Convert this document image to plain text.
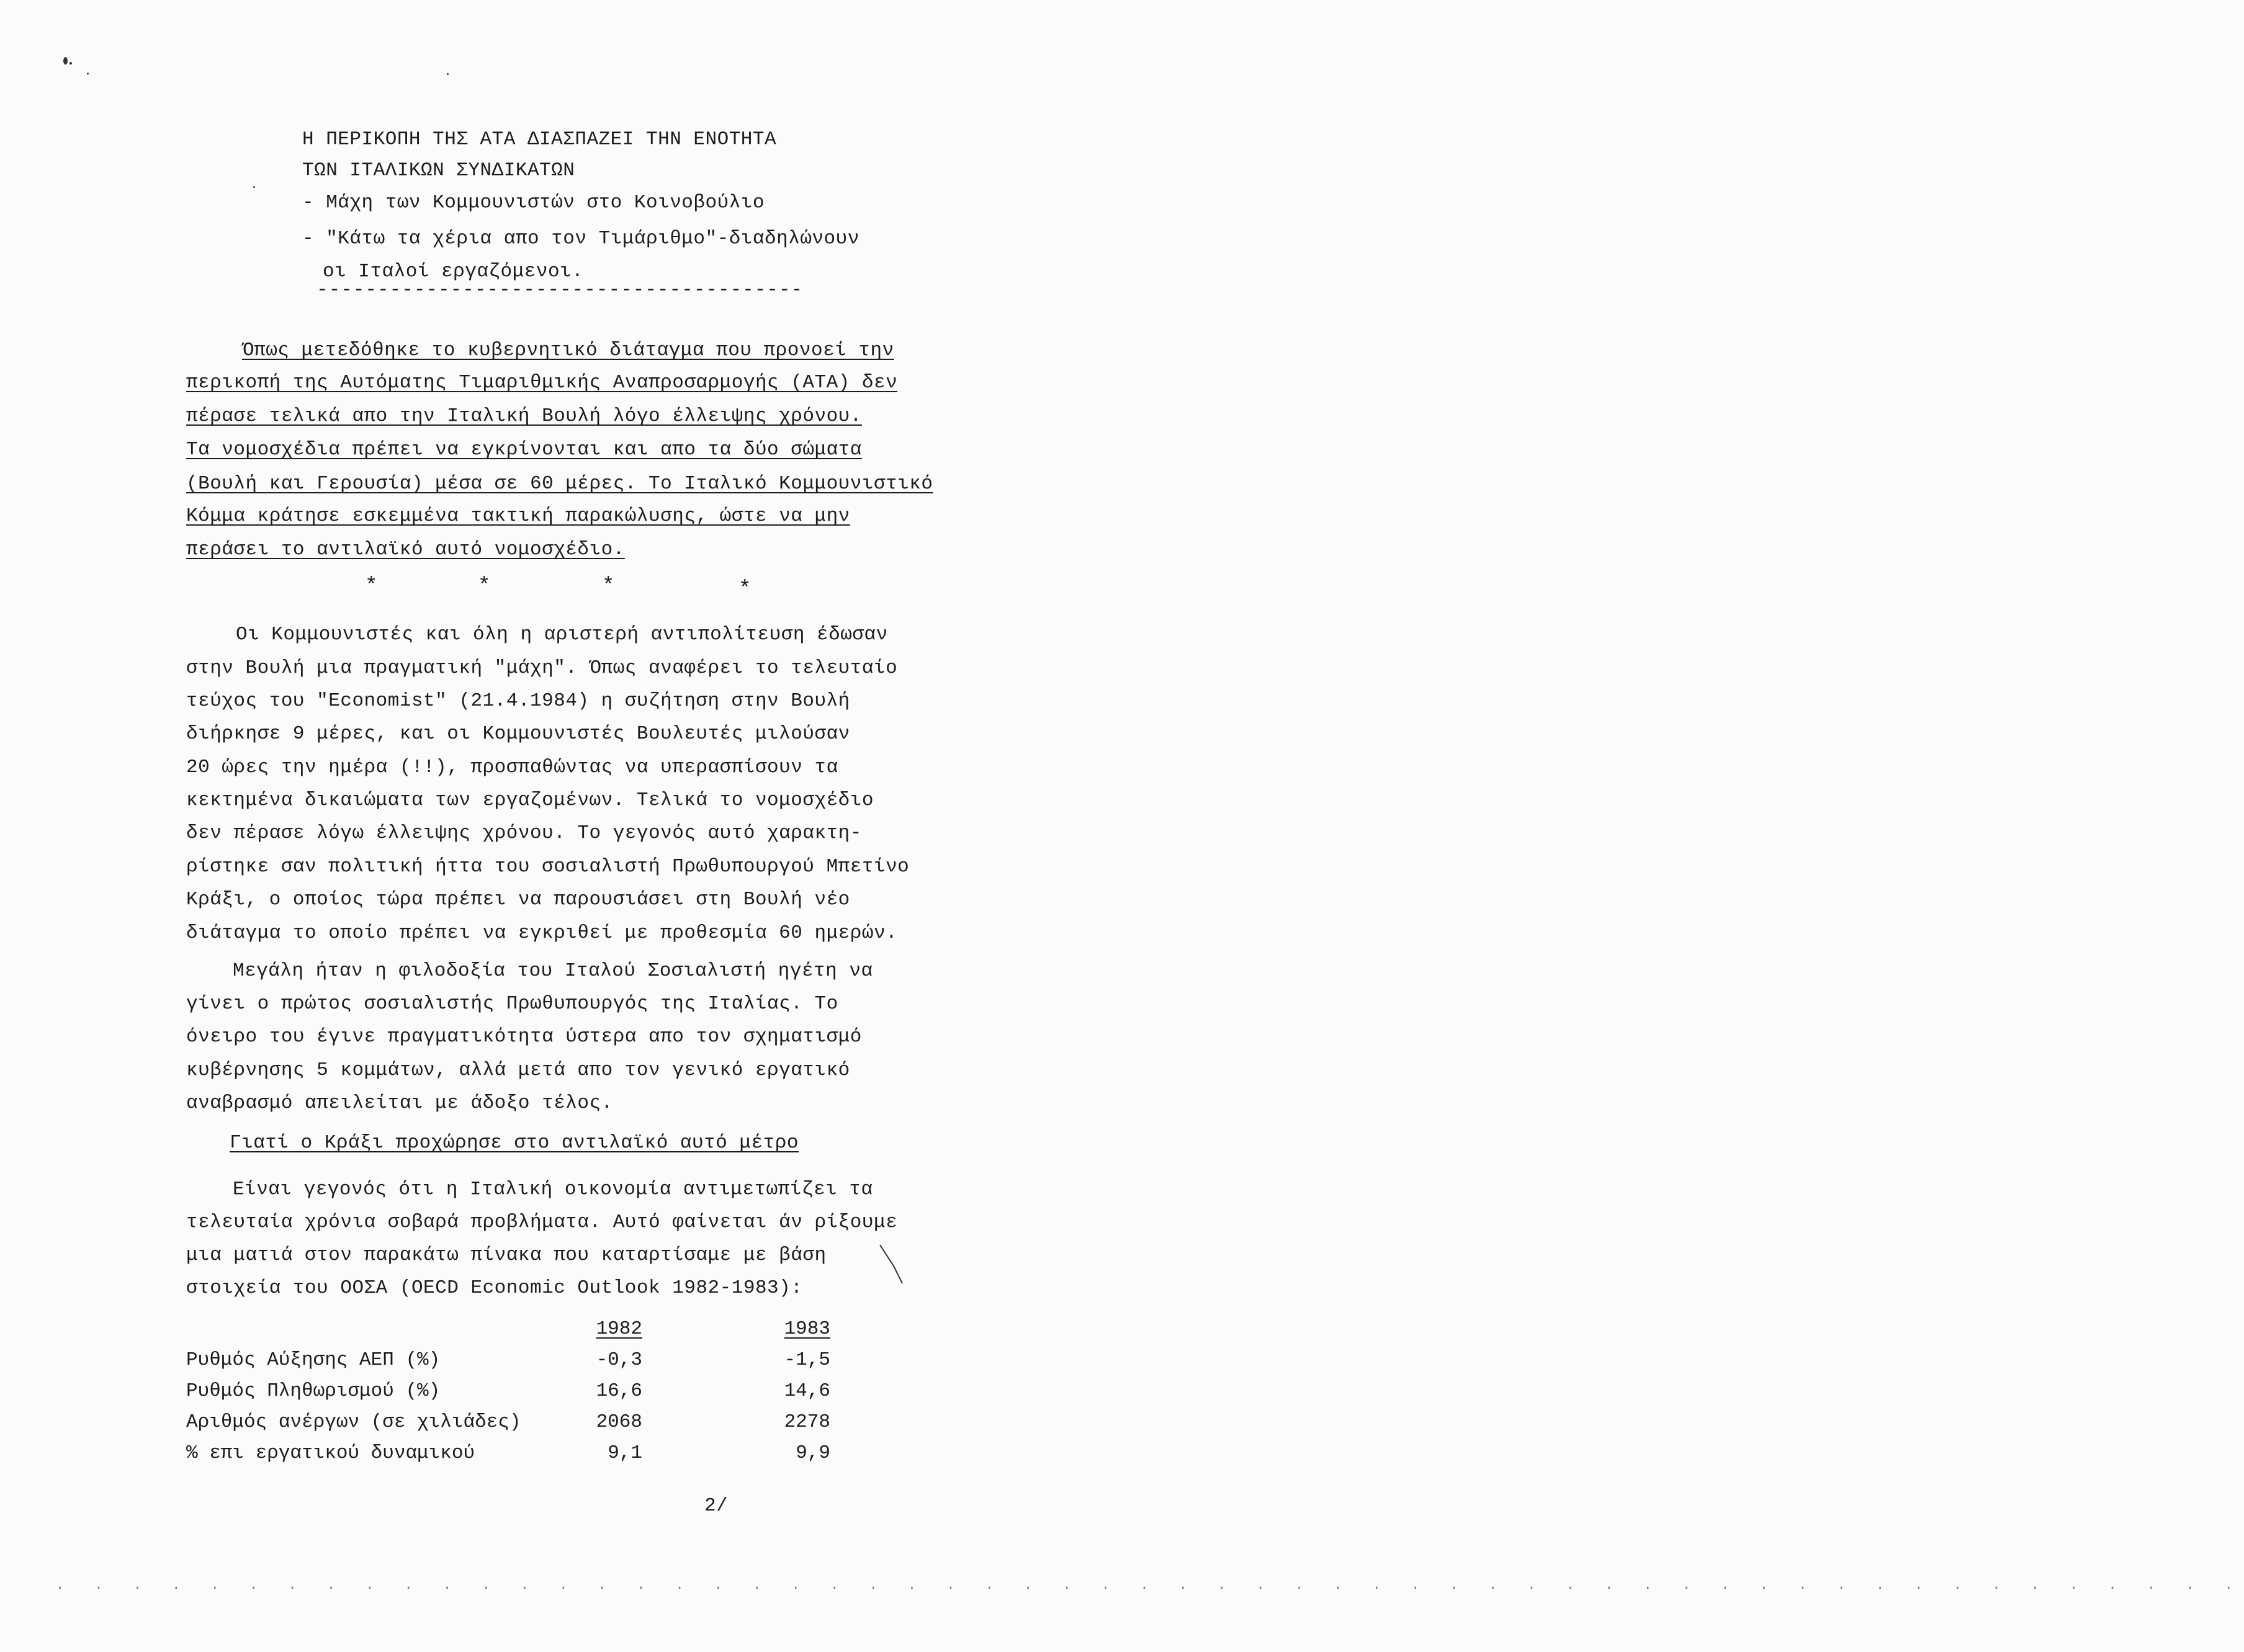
Η ΠΕΡΙΚΟΠΗ ΤΗΣ ΑΤΑ ΔΙΑΣΠΑΖΕΙ ΤΗΝ ΕΝΟΤΗΤΑ
ΤΩΝ ΙΤΑΛΙΚΩΝ ΣΥΝΔΙΚΑΤΩΝ
- Μάχη των Κομμουνιστών στο Κοινοβούλιο
- "Κάτω τα χέρια απο τον Τιμάριθμο"-διαδηλώνουν
οι Ιταλοί εργαζόμενοι.
----------------------------------------
Όπως μετεδόθηκε το κυβερνητικό διάταγμα που προνοεί την
περικοπή της Αυτόματης Τιμαριθμικής Αναπροσαρμογής (ΑΤΑ) δεν
πέρασε τελικά απο την Ιταλική Βουλή λόγο έλλειψης χρόνου.
Τα νομοσχέδια πρέπει να εγκρίνονται και απο τα δύο σώματα
(Βουλή και Γερουσία) μέσα σε 60 μέρες. Το Ιταλικό Κομμουνιστικό
Κόμμα κράτησε εσκεμμένα τακτική παρακώλυσης, ώστε να μην
περάσει το αντιλαϊκό αυτό νομοσχέδιο.
*	*	*	*
Οι Κομμουνιστές και όλη η αριστερή αντιπολίτευση έδωσαν
στην Βουλή μια πραγματική "μάχη". Όπως αναφέρει το τελευταίο
τεύχος του "Economist" (21.4.1984) η συζήτηση στην Βουλή
διήρκησε 9 μέρες, και οι Κομμουνιστές Βουλευτές μιλούσαν
20 ώρες την ημέρα (!!), προσπαθώντας να υπερασπίσουν τα
κεκτημένα δικαιώματα των εργαζομένων. Τελικά το νομοσχέδιο
δεν πέρασε λόγω έλλειψης χρόνου. Το γεγονός αυτό χαρακτη-
ρίστηκε σαν πολιτική ήττα του σοσιαλιστή Πρωθυπουργού Μπετίνο
Κράξι, ο οποίος τώρα πρέπει να παρουσιάσει στη Βουλή νέο
διάταγμα το οποίο πρέπει να εγκριθεί με προθεσμία 60 ημερών.
Μεγάλη ήταν η φιλοδοξία του Ιταλού Σοσιαλιστή ηγέτη να
γίνει ο πρώτος σοσιαλιστής Πρωθυπουργός της Ιταλίας. Το
όνειρο του έγινε πραγματικότητα ύστερα απο τον σχηματισμό
κυβέρνησης 5 κομμάτων, αλλά μετά απο τον γενικό εργατικό
αναβρασμό απειλείται με άδοξο τέλος.
Γιατί ο Κράξι προχώρησε στο αντιλαϊκό αυτό μέτρο
Είναι γεγονός ότι η Ιταλική οικονομία αντιμετωπίζει τα
τελευταία χρόνια σοβαρά προβλήματα. Αυτό φαίνεται άν ρίξουμε
μια ματιά στον παρακάτω πίνακα που καταρτίσαμε με βάση
στοιχεία του ΟΟΣΑ (OECD Economic Outlook 1982-1983):
1982	1983
Ρυθμός Αύξησης ΑΕΠ (%)	-0,3	-1,5
Ρυθμός Πληθωρισμού (%)	16,6	14,6
Αριθμός ανέργων (σε χιλιάδες)	2068	2278
% επι εργατικού δυναμικού	9,1	9,9
2/
. . . . . . . . . . . . . . . . . . . . . . . . . . . . . . . . . . . . . . . . . . . . . . . . . . . . . . . . .
